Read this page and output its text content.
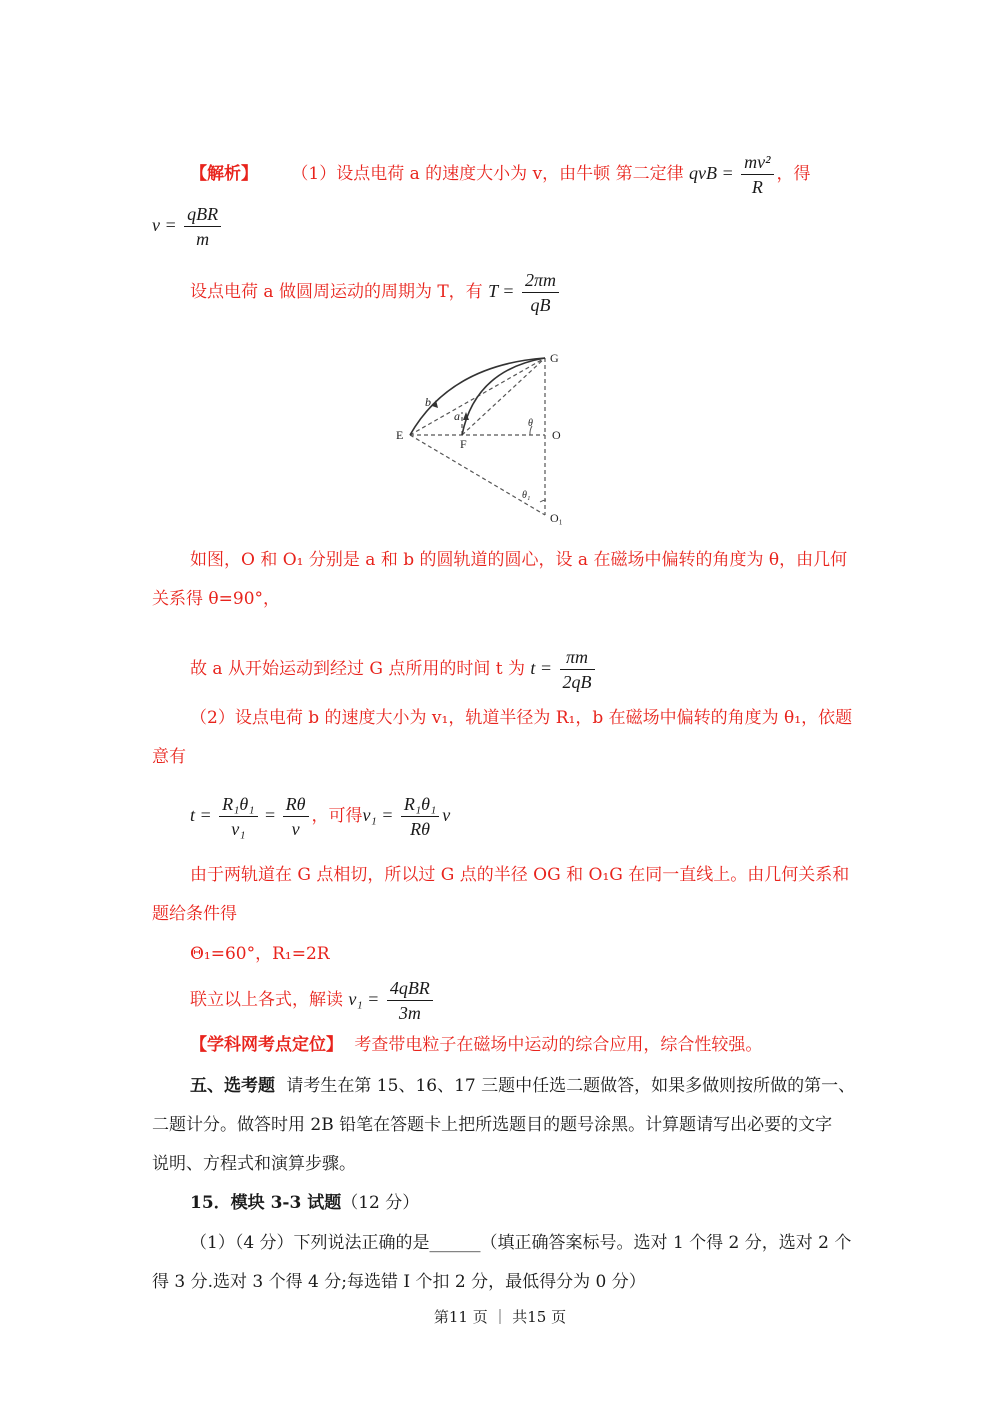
【解析】 （1）设点电荷 a 的速度大小为 v，由牛顿 第二定律 qvB = $\frac{\text{mv²}}{R}$ ，得
$v = \frac{\text{qBR}}{m}$
设点电荷 a 做圆周运动的周期为 T，有 $T = \frac{2\pi m}{qB}$
E
F
G
O
O₁
b
a
θ
θ₁
如图，O 和 O₁ 分别是 a 和 b 的圆轨道的圆心，设 a 在磁场中偏转的角度为 θ，由几何
关系得 θ=90°，
故 a 从开始运动到经过 G 点所用的时间 t 为 $t = \frac{\pi m}{2qB}$
（2）设点电荷 b 的速度大小为 v₁，轨道半径为 R₁，b 在磁场中偏转的角度为 θ₁，依题
意有
$t = \frac{\text{R₁θ₁}}{\text{v₁}} = \frac{R\theta}{v}$ ，可得$v_1 = \frac{\text{R₁θ₁}}{R\theta}$ v
由于两轨道在 G 点相切，所以过 G 点的半径 OG 和 O₁G 在同一直线上。由几何关系和
题给条件得
Θ₁=60°，R₁=2R
联立以上各式，解读 $v_1 = \frac{\text{4qBR}}{3m}$
【学科网考点定位】 考查带电粒子在磁场中运动的综合应用，综合性较强。
五、选考题 请考生在第 15、16、17 三题中任选二题做答，如果多做则按所做的第一、
二题计分。做答时用 2B 铅笔在答题卡上把所选题目的题号涂黑。计算题请写出必要的文字
说明、方程式和演算步骤。
15．模块 3-3 试题（12 分）
（1）（4 分）下列说法正确的是______（填正确答案标号。选对 1 个得 2 分，选对 2 个
得 3 分.选对 3 个得 4 分;每选错 I 个扣 2 分，最低得分为 0 分）
第11 页 ｜ 共15 页
